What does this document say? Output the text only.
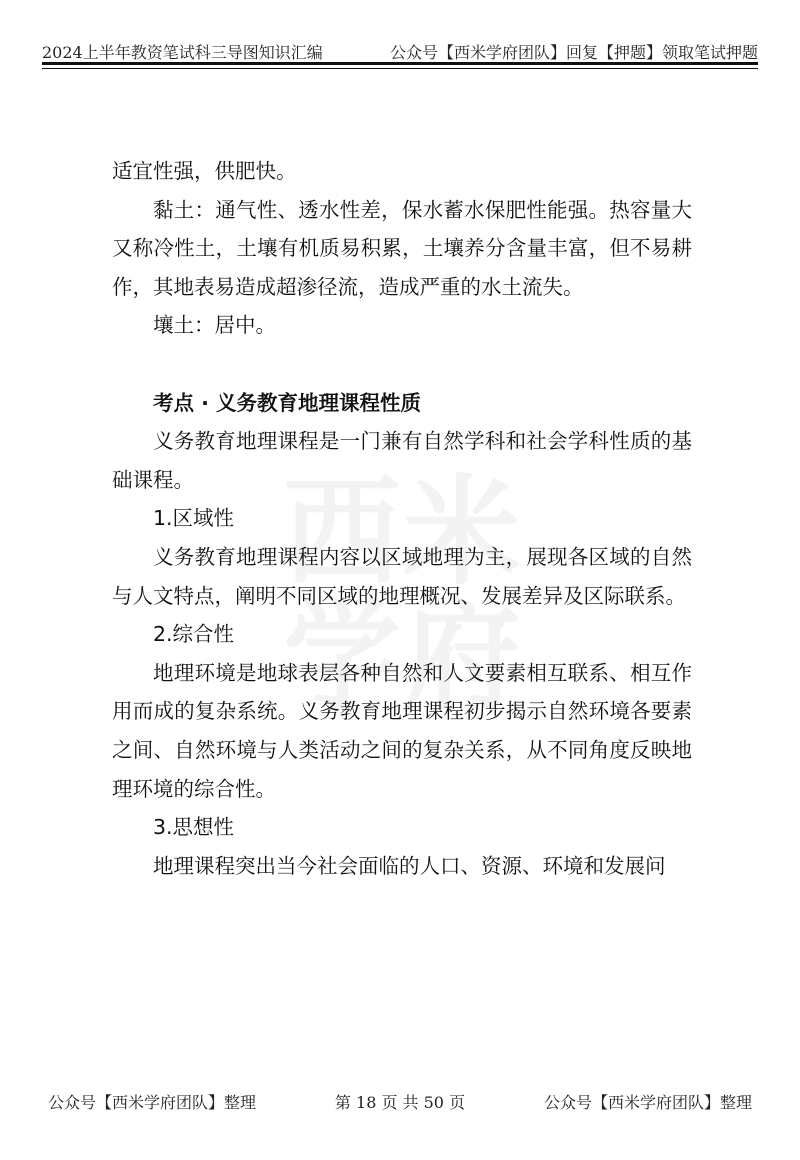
2024上半年教资笔试科三导图知识汇编	公众号【西米学府团队】回复【押题】领取笔试押题

适宜性强，供肥快。

黏土：通气性、透水性差，保水蓄水保肥性能强。热容量大又称冷性土，土壤有机质易积累，土壤养分含量丰富，但不易耕作，其地表易造成超渗径流，造成严重的水土流失。

壤土：居中。

考点 · 义务教育地理课程性质

义务教育地理课程是一门兼有自然学科和社会学科性质的基础课程。

1.区域性

义务教育地理课程内容以区域地理为主，展现各区域的自然与人文特点，阐明不同区域的地理概况、发展差异及区际联系。

2.综合性

地理环境是地球表层各种自然和人文要素相互联系、相互作用而成的复杂系统。义务教育地理课程初步揭示自然环境各要素之间、自然环境与人类活动之间的复杂关系，从不同角度反映地理环境的综合性。

3.思想性

地理课程突出当今社会面临的人口、资源、环境和发展问

公众号【西米学府团队】整理	第 18 页 共 50 页	公众号【西米学府团队】整理
